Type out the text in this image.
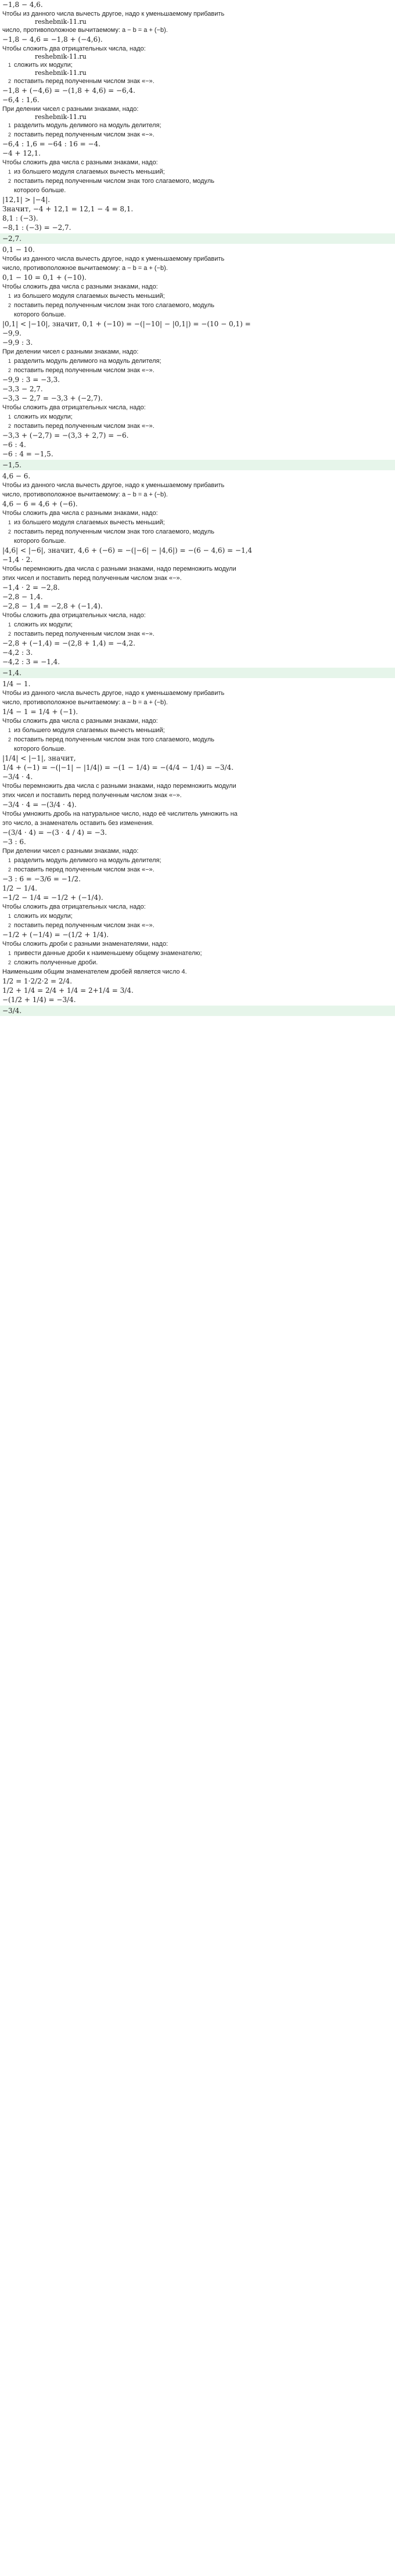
−1,8 − 4,6.
Чтобы из данного числа вычесть другое, надо к уменьшаемому прибавить
reshebnik-11.ru
число, противоположное вычитаемому: a − b = a + (−b).
−1,8 − 4,6 = −1,8 + (−4,6).
Чтобы сложить два отрицательных числа, надо:
reshebnik-11.ru
1 сложить их модули;
reshebnik-11.ru
2 поставить перед полученным числом знак «−».
−1,8 + (−4,6) = −(1,8 + 4,6) = −6,4.
−6,4 : 1,6.
При делении чисел с разными знаками, надо:
reshebnik-11.ru
1 разделить модуль делимого на модуль делителя;
2 поставить перед полученным числом знак «−».
−6,4 : 1,6 = −64 : 16 = −4.
−4 + 12,1.
Чтобы сложить два числа с разными знаками, надо:
1 из большего модуля слагаемых вычесть меньший;
2 поставить перед полученным числом знак того слагаемого, модуль
которого больше.
|12,1| > |−4|.
Значит, −4 + 12,1 = 12,1 − 4 = 8,1.
8,1 : (−3).
−8,1 : (−3) = −2,7.
−2,7.
0,1 − 10.
Чтобы из данного числа вычесть другое, надо к уменьшаемому прибавить
число, противоположное вычитаемому: a − b = a + (−b).
0,1 − 10 = 0,1 + (−10).
Чтобы сложить два числа с разными знаками, надо:
1 из большего модуля слагаемых вычесть меньший;
2 поставить перед полученным числом знак того слагаемого, модуль
которого больше.
|0,1| < |−10|, значит, 0,1 + (−10) = −(|−10| − |0,1|) = −(10 − 0,1) =
−9,9.
−9,9 : 3.
При делении чисел с разными знаками, надо:
1 разделить модуль делимого на модуль делителя;
2 поставить перед полученным числом знак «−».
−9,9 : 3 = −3,3.
−3,3 − 2,7.
−3,3 − 2,7 = −3,3 + (−2,7).
Чтобы сложить два отрицательных числа, надо:
1 сложить их модули;
2 поставить перед полученным числом знак «−».
−3,3 + (−2,7) = −(3,3 + 2,7) = −6.
−6 : 4.
−6 : 4 = −1,5.
−1,5.
4,6 − 6.
Чтобы из данного числа вычесть другое, надо к уменьшаемому прибавить
число, противоположное вычитаемому: a − b = a + (−b).
4,6 − 6 = 4,6 + (−6).
Чтобы сложить два числа с разными знаками, надо:
1 из большего модуля слагаемых вычесть меньший;
2 поставить перед полученным числом знак того слагаемого, модуль
которого больше.
|4,6| < |−6|, значит, 4,6 + (−6) = −(|−6| − |4,6|) = −(6 − 4,6) = −1,4
−1,4 · 2.
Чтобы перемножить два числа с разными знаками, надо перемножить модули
этих чисел и поставить перед полученным числом знак «−».
−1,4 · 2 = −2,8.
−2,8 − 1,4.
−2,8 − 1,4 = −2,8 + (−1,4).
Чтобы сложить два отрицательных числа, надо:
1 сложить их модули;
2 поставить перед полученным числом знак «−».
−2,8 + (−1,4) = −(2,8 + 1,4) = −4,2.
−4,2 : 3.
−4,2 : 3 = −1,4.
−1,4.
1/4 − 1.
Чтобы из данного числа вычесть другое, надо к уменьшаемому прибавить
число, противоположное вычитаемому: a − b = a + (−b).
1/4 − 1 = 1/4 + (−1).
Чтобы сложить два числа с разными знаками, надо:
1 из большего модуля слагаемых вычесть меньший;
2 поставить перед полученным числом знак того слагаемого, модуль
которого больше.
|1/4| < |−1|, значит,
1/4 + (−1) = −(|−1| − |1/4|) = −(1 − 1/4) = −(4/4 − 1/4) = −3/4.
−3/4 · 4.
Чтобы перемножить два числа с разными знаками, надо перемножить модули
этих чисел и поставить перед полученным числом знак «−».
−3/4 · 4 = −(3/4 · 4).
Чтобы умножить дробь на натуральное число, надо её числитель умножить на
это число, а знаменатель оставить без изменения.
−(3/4 · 4) = −(3 · 4 / 4) = −3.
−3 : 6.
При делении чисел с разными знаками, надо:
1 разделить модуль делимого на модуль делителя;
2 поставить перед полученным числом знак «−».
−3 : 6 = −3/6 = −1/2.
1/2 − 1/4.
−1/2 − 1/4 = −1/2 + (−1/4).
Чтобы сложить два отрицательных числа, надо:
1 сложить их модули;
2 поставить перед полученным числом знак «−».
−1/2 + (−1/4) = −(1/2 + 1/4).
Чтобы сложить дроби с разными знаменателями, надо:
1 привести данные дроби к наименьшему общему знаменателю;
2 сложить полученные дроби.
Наименьшим общим знаменателем дробей является число 4.
1/2 = 1·2/2·2 = 2/4.
1/2 + 1/4 = 2/4 + 1/4 = 2+1/4 = 3/4.
−(1/2 + 1/4) = −3/4.
−3/4.
